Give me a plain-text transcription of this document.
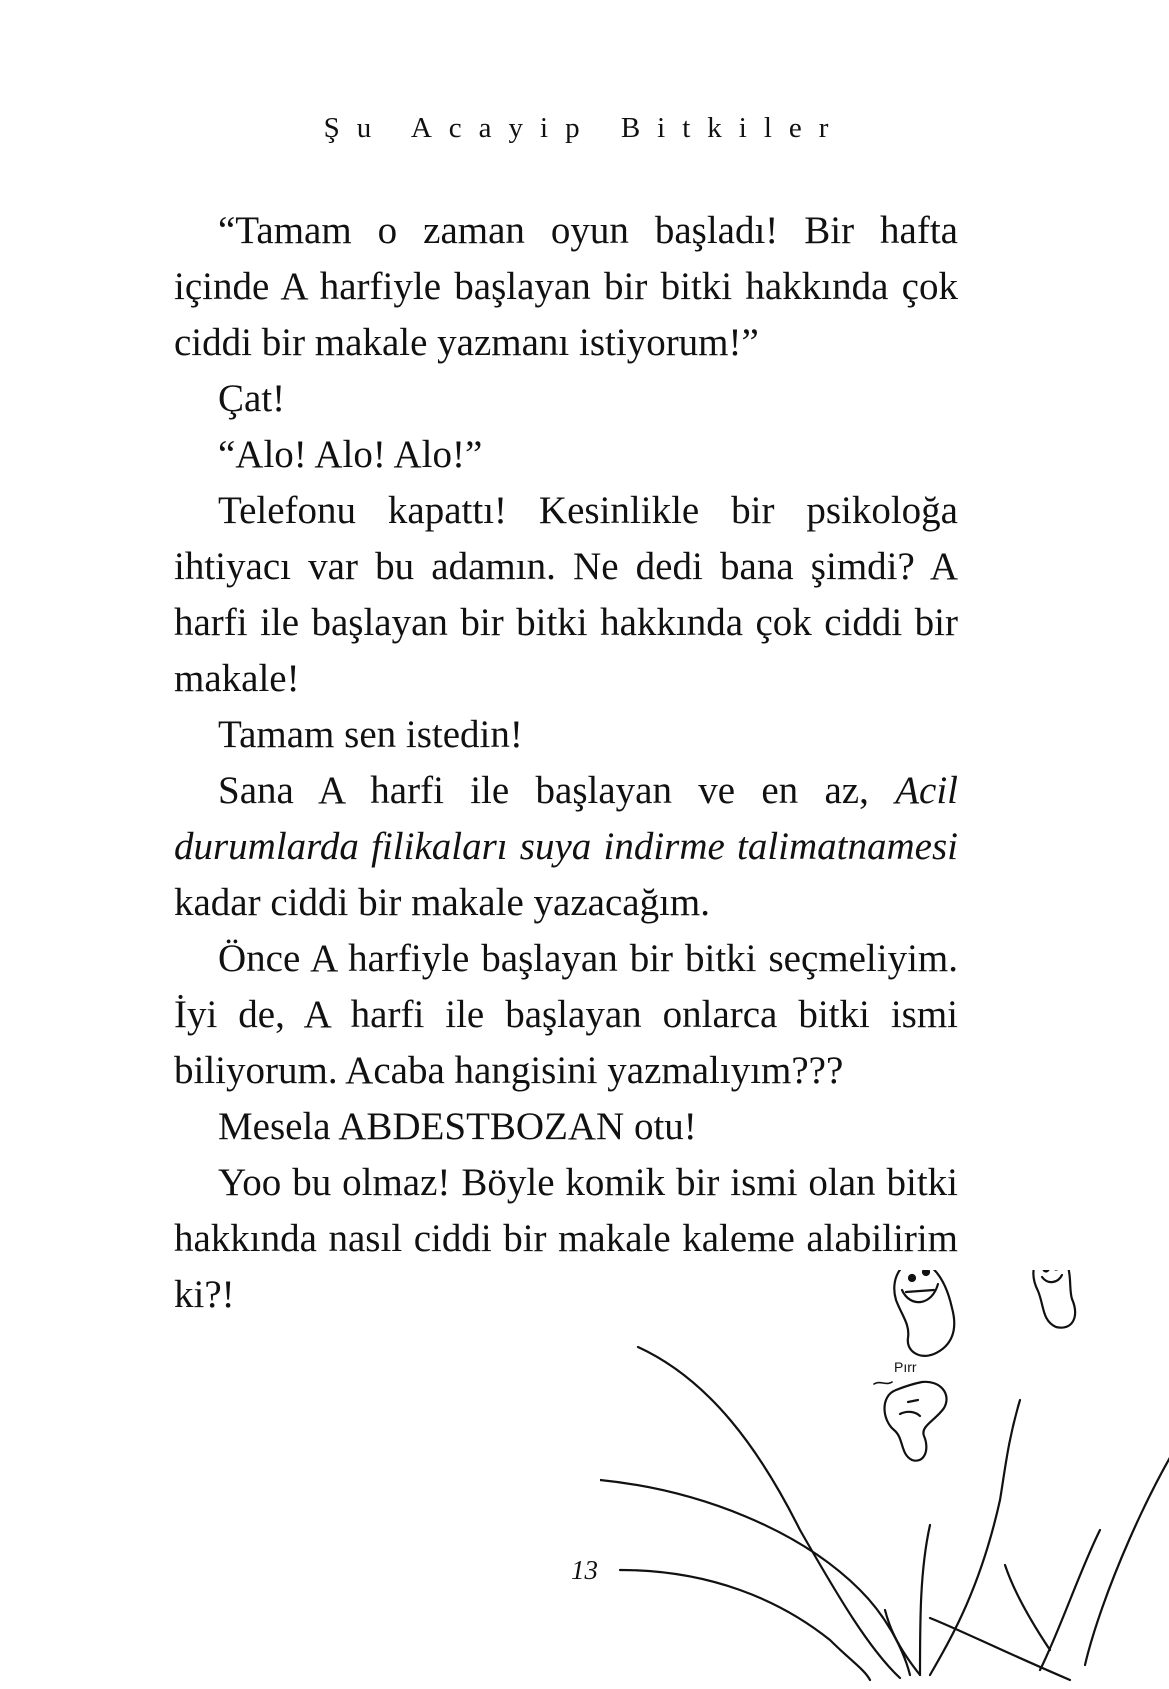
Şu Acayip Bitkiler

“Tamam o zaman oyun başladı! Bir hafta içinde A harfiyle başlayan bir bitki hakkında çok ciddi bir makale yazmanı istiyorum!”

Çat!

“Alo! Alo! Alo!”

Telefonu kapattı! Kesinlikle bir psikoloğa ihtiyacı var bu adamın. Ne dedi bana şimdi? A harfi ile başlayan bir bitki hakkında çok ciddi bir makale!

Tamam sen istedin!

Sana A harfi ile başlayan ve en az, Acil durumlarda filikaları suya indirme talimatnamesi kadar ciddi bir makale yazacağım.

Önce A harfiyle başlayan bir bitki seçmeliyim. İyi de, A harfi ile başlayan onlarca bitki ismi biliyorum. Acaba hangisini yazmalıyım???

Mesela ABDESTBOZAN otu!

Yoo bu olmaz! Böyle komik bir ismi olan bitki hakkında nasıl ciddi bir makale kaleme alabilirim ki?!

Pırr
13
